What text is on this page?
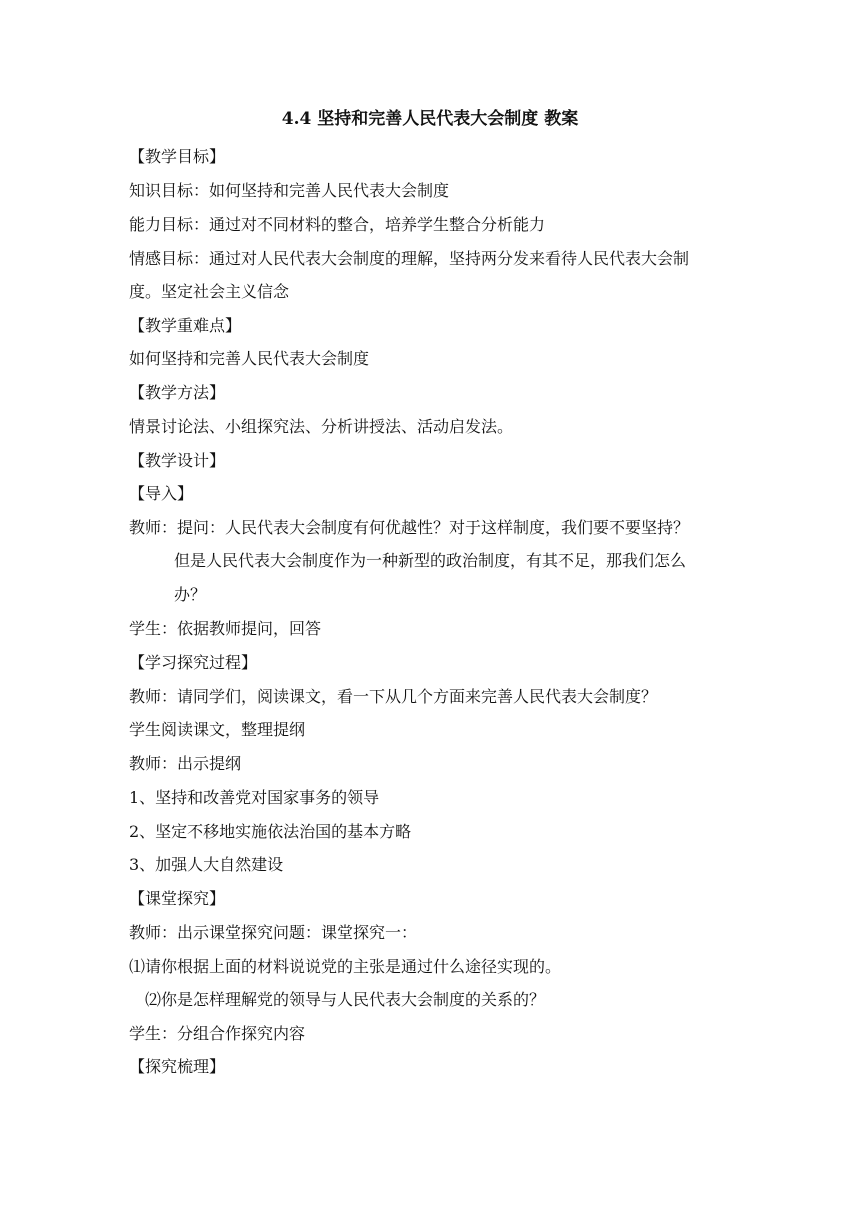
4.4 坚持和完善人民代表大会制度 教案
【教学目标】
知识目标：如何坚持和完善人民代表大会制度
能力目标：通过对不同材料的整合，培养学生整合分析能力
情感目标：通过对人民代表大会制度的理解，坚持两分发来看待人民代表大会制
度。坚定社会主义信念
【教学重难点】
如何坚持和完善人民代表大会制度
【教学方法】
情景讨论法、小组探究法、分析讲授法、活动启发法。
【教学设计】
【导入】
教师：提问：人民代表大会制度有何优越性？对于这样制度，我们要不要坚持？
但是人民代表大会制度作为一种新型的政治制度，有其不足，那我们怎么
办？
学生：依据教师提问，回答
【学习探究过程】
教师：请同学们，阅读课文，看一下从几个方面来完善人民代表大会制度？
学生阅读课文，整理提纲
教师：出示提纲
1、坚持和改善党对国家事务的领导
2、坚定不移地实施依法治国的基本方略
3、加强人大自然建设
【课堂探究】
教师：出示课堂探究问题：课堂探究一：
⑴请你根据上面的材料说说党的主张是通过什么途径实现的。
⑵你是怎样理解党的领导与人民代表大会制度的关系的？
学生：分组合作探究内容
【探究梳理】
